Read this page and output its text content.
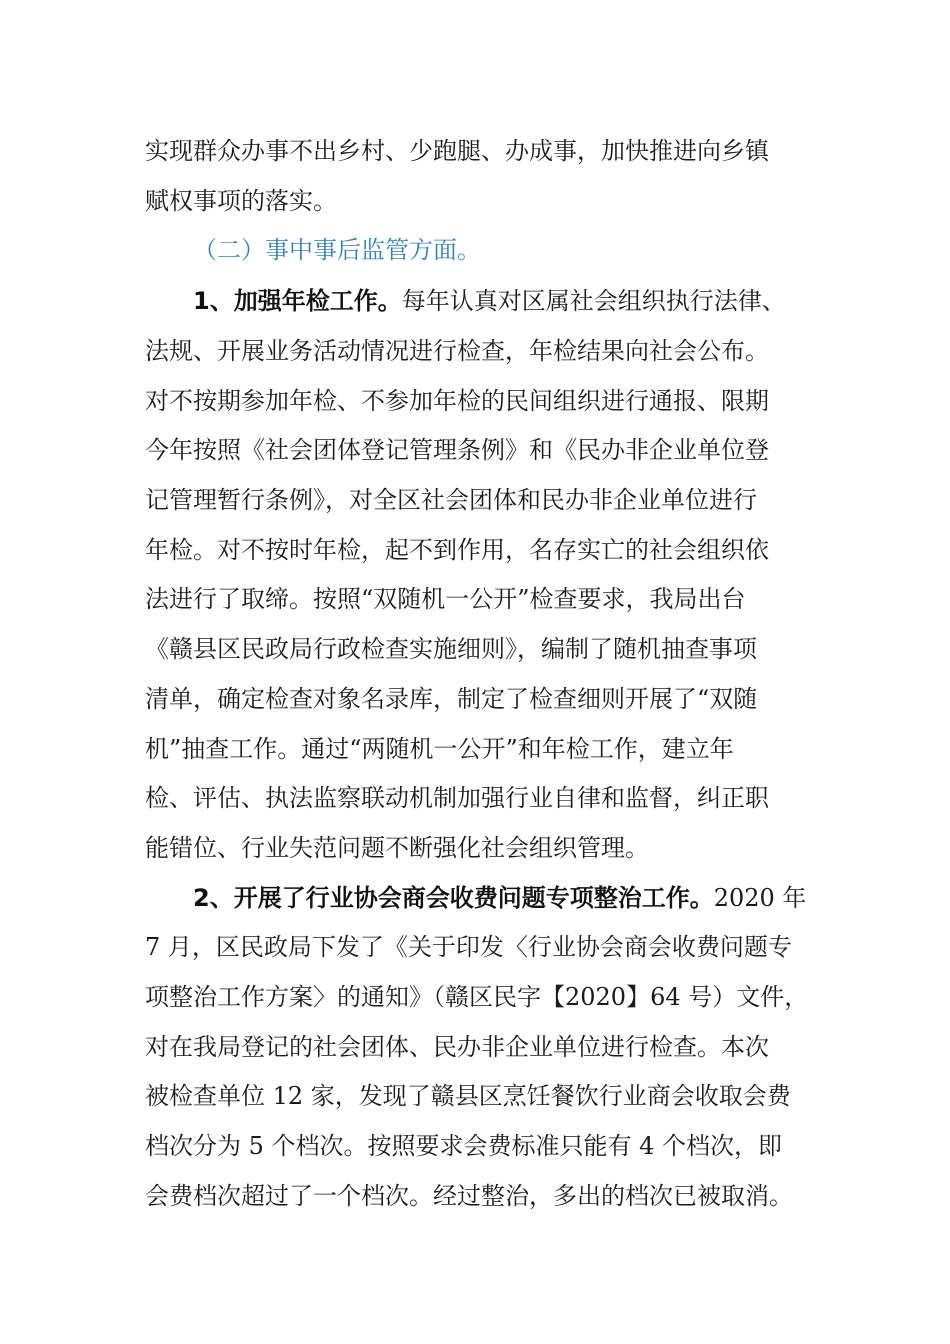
实现群众办事不出乡村、少跑腿、办成事，加快推进向乡镇

赋权事项的落实。

（二）事中事后监管方面。

1、加强年检工作。每年认真对区属社会组织执行法律、

法规、开展业务活动情况进行检查，年检结果向社会公布。

对不按期参加年检、不参加年检的民间组织进行通报、限期

今年按照《社会团体登记管理条例》和《民办非企业单位登

记管理暂行条例》，对全区社会团体和民办非企业单位进行

年检。对不按时年检，起不到作用，名存实亡的社会组织依

法进行了取缔。按照“双随机一公开”检查要求，我局出台

《赣县区民政局行政检查实施细则》，编制了随机抽查事项

清单，确定检查对象名录库，制定了检查细则开展了“双随

机”抽查工作。通过“两随机一公开”和年检工作，建立年

检、评估、执法监察联动机制加强行业自律和监督，纠正职

能错位、行业失范问题不断强化社会组织管理。

2、开展了行业协会商会收费问题专项整治工作。2020 年

7 月，区民政局下发了《关于印发〈行业协会商会收费问题专

项整治工作方案〉的通知》（赣区民字【2020】64 号）文件，

对在我局登记的社会团体、民办非企业单位进行检查。本次

被检查单位 12 家，发现了赣县区烹饪餐饮行业商会收取会费

档次分为 5 个档次。按照要求会费标准只能有 4 个档次，即

会费档次超过了一个档次。经过整治，多出的档次已被取消。
